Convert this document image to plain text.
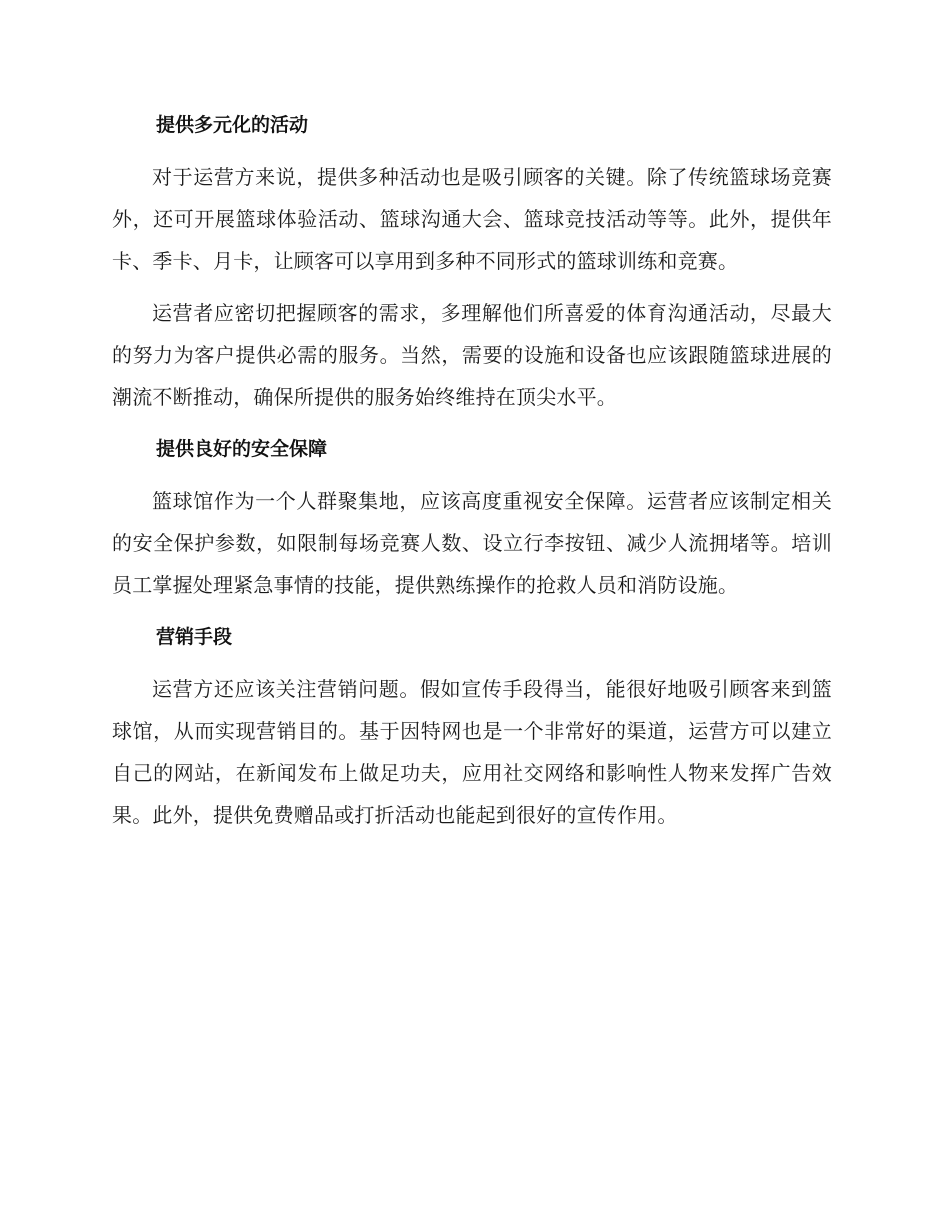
提供多元化的活动

对于运营方来说，提供多种活动也是吸引顾客的关键。除了传统篮球场竞赛外，还可开展篮球体验活动、篮球沟通大会、篮球竞技活动等等。此外，提供年卡、季卡、月卡，让顾客可以享用到多种不同形式的篮球训练和竞赛。

运营者应密切把握顾客的需求，多理解他们所喜爱的体育沟通活动，尽最大的努力为客户提供必需的服务。当然，需要的设施和设备也应该跟随篮球进展的潮流不断推动，确保所提供的服务始终维持在顶尖水平。

提供良好的安全保障

篮球馆作为一个人群聚集地，应该高度重视安全保障。运营者应该制定相关的安全保护参数，如限制每场竞赛人数、设立行李按钮、减少人流拥堵等。培训员工掌握处理紧急事情的技能，提供熟练操作的抢救人员和消防设施。

营销手段

运营方还应该关注营销问题。假如宣传手段得当，能很好地吸引顾客来到篮球馆，从而实现营销目的。基于因特网也是一个非常好的渠道，运营方可以建立自己的网站，在新闻发布上做足功夫，应用社交网络和影响性人物来发挥广告效果。此外，提供免费赠品或打折活动也能起到很好的宣传作用。
